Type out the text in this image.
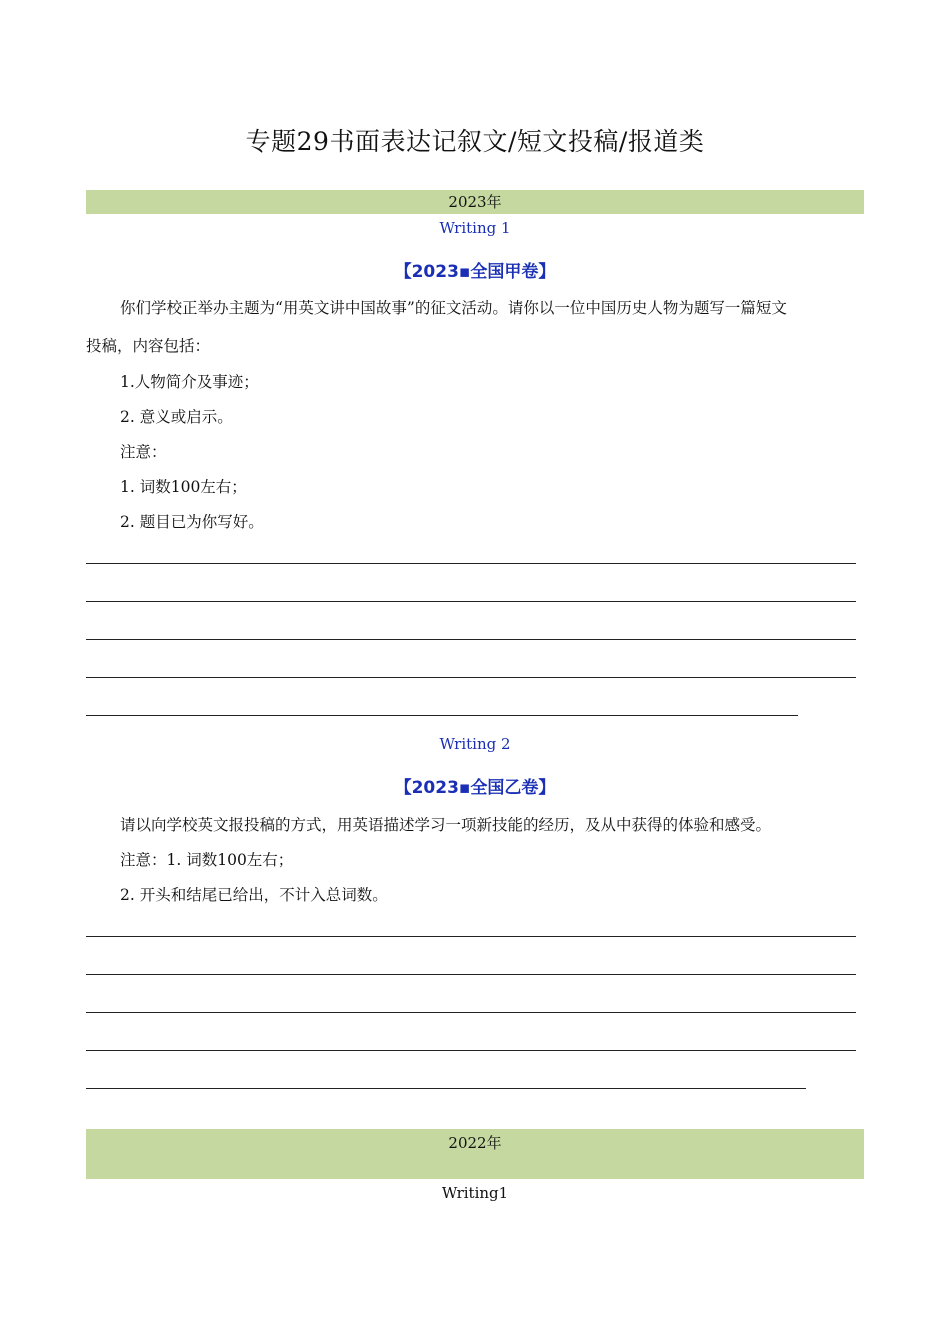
专题29书面表达记叙文/短文投稿/报道类
2023年
Writing 1
【2023▪全国甲卷】
你们学校正举办主题为“用英文讲中国故事”的征文活动。请你以一位中国历史人物为题写一篇短文
投稿，内容包括：
1.人物简介及事迹；
2. 意义或启示。
注意：
1. 词数100左右；
2. 题目已为你写好。
Writing 2
【2023▪全国乙卷】
请以向学校英文报投稿的方式，用英语描述学习一项新技能的经历，及从中获得的体验和感受。
注意：1. 词数100左右；
2. 开头和结尾已给出，不计入总词数。
2022年
Writing1
